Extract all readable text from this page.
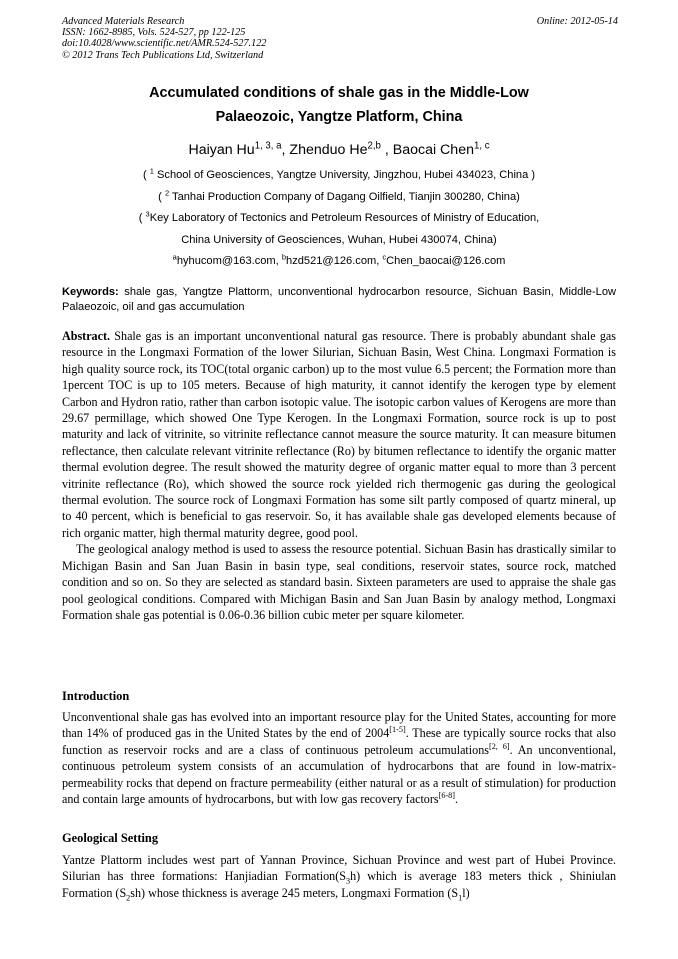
Advanced Materials Research
ISSN: 1662-8985, Vols. 524-527, pp 122-125
doi:10.4028/www.scientific.net/AMR.524-527.122
© 2012 Trans Tech Publications Ltd, Switzerland
Online: 2012-05-14
Accumulated conditions of shale gas in the Middle-Low
Palaeozoic, Yangtze Platform, China
Haiyan Hu$^{1, 3, a}$, Zhenduo He$^{2,b}$ , Baocai Chen$^{1, c}$
( $^1$ School of Geosciences, Yangtze University, Jingzhou, Hubei 434023, China )
( $^2$ Tanhai Production Company of Dagang Oilfield, Tianjin 300280, China)
( $^3$Key Laboratory of Tectonics and Petroleum Resources of Ministry of Education,
China University of Geosciences, Wuhan, Hubei 430074, China)
$^a$hyhucom@163.com, $^b$hzd521@126.com, $^c$Chen_baocai@126.com
Keywords: shale gas, Yangtze Plattorm, unconventional hydrocarbon resource, Sichuan Basin, Middle-Low Palaeozoic, oil and gas accumulation

Abstract. Shale gas is an important unconventional natural gas resource. There is probably abundant shale gas resource in the Longmaxi Formation of the lower Silurian, Sichuan Basin, West China. Longmaxi Formation is high quality source rock, its TOC(total organic carbon) up to the most vulue 6.5 percent; the Formation more than 1percent TOC is up to 105 meters. Because of high maturity, it cannot identify the kerogen type by element Carbon and Hydron ratio, rather than carbon isotopic value. The isotopic carbon values of Kerogens are more than 29.67 permillage, which showed One Type Kerogen. In the Longmaxi Formation, source rock is up to post maturity and lack of vitrinite, so vitrinite reflectance cannot measure the source maturity. It can measure bitumen reflectance, then calculate relevant vitrinite reflectance (Ro) by bitumen reflectance to identify the organic matter thermal evolution degree. The result showed the maturity degree of organic matter equal to more than 3 percent vitrinite reflectance (Ro), which showed the source rock yielded rich thermogenic gas during the geological thermal evolution. The source rock of Longmaxi Formation has some silt partly composed of quartz mineral, up to 40 percent, which is beneficial to gas reservoir. So, it has available shale gas developed elements because of rich organic matter, high thermal maturity degree, good pool.

The geological analogy method is used to assess the resource potential. Sichuan Basin has drastically similar to Michigan Basin and San Juan Basin in basin type, seal conditions, reservoir states, source rock, matched condition and so on. So they are selected as standard basin. Sixteen parameters are used to appraise the shale gas pool geological conditions. Compared with Michigan Basin and San Juan Basin by analogy method, Longmaxi Formation shale gas potential is 0.06-0.36 billion cubic meter per square kilometer.

Introduction
Unconventional shale gas has evolved into an important resource play for the United States, accounting for more than 14% of produced gas in the United States by the end of 2004[1-5]. These are typically source rocks that also function as reservoir rocks and are a class of continuous petroleum accumulations[2, 6]. An unconventional, continuous petroleum system consists of an accumulation of hydrocarbons that are found in low-matrix-permeability rocks that depend on fracture permeability (either natural or as a result of stimulation) for production and contain large amounts of hydrocarbons, but with low gas recovery factors[6-8].
Geological Setting
Yantze Plattorm includes west part of Yannan Province, Sichuan Province and west part of Hubei Province. Silurian has three formations: Hanjiadian $Formation(S_3h)$ which is average 183 meters thick , Shiniulan Formation $(S_2sh)$ whose thickness is average 245 meters, Longmaxi Formation $(S_1l)$
